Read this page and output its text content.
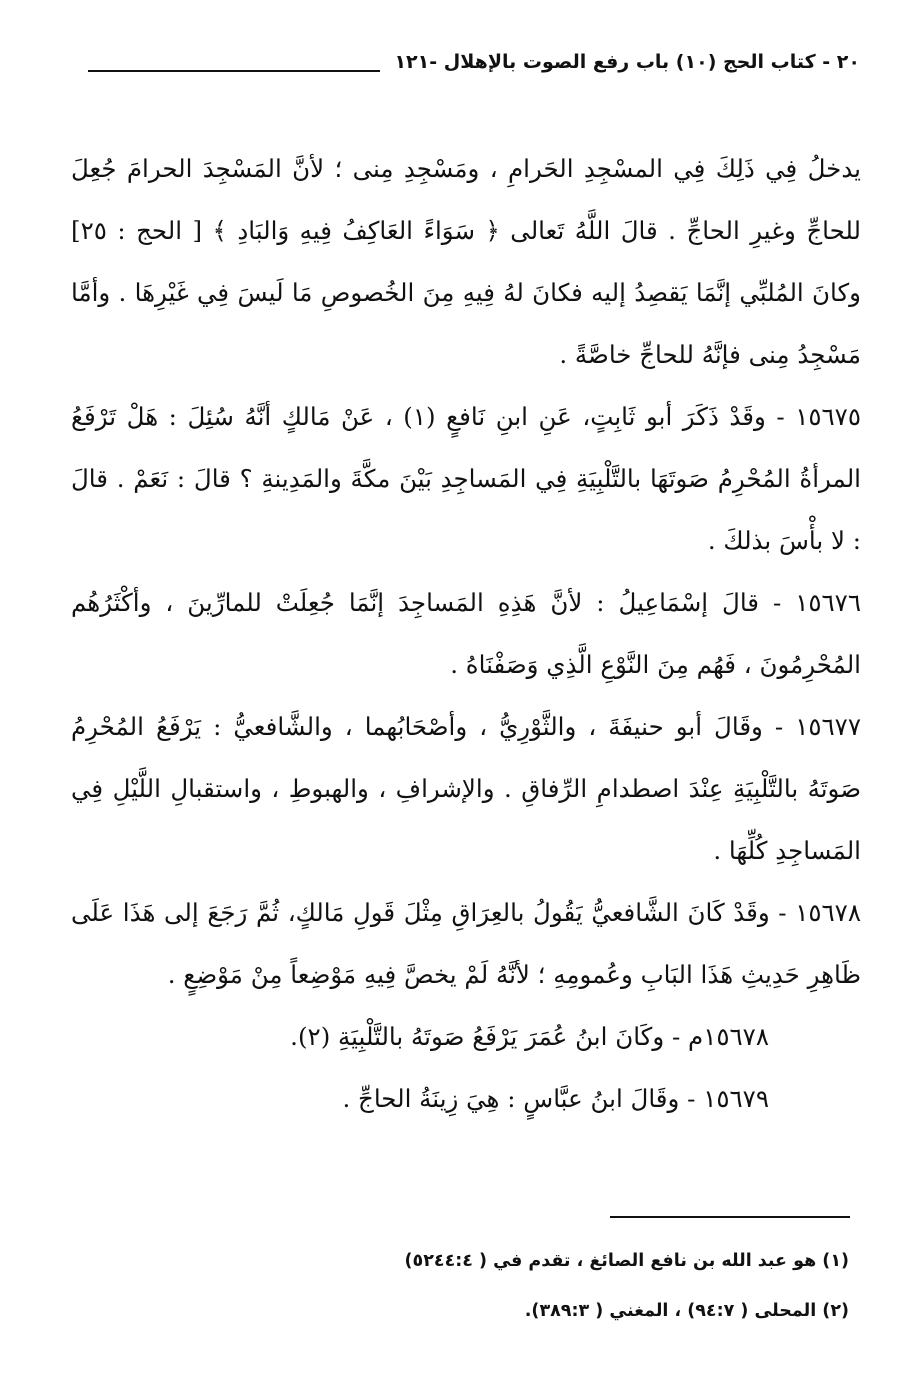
٢٠ - كتاب الحج (١٠) باب رفع الصوت بالإهلال -١٢١

يدخلُ فِي ذَلِكَ فِي المسْجِدِ الحَرامِ ، ومَسْجِدِ مِنى ؛ لأنَّ المَسْجِدَ الحرامَ جُعِلَ للحاجِّ وغيرِ الحاجِّ . قالَ اللَّهُ تَعالى ﴿ سَوَاءً العَاكِفُ فِيهِ وَالبَادِ ﴾ [ الحج : ٢٥] وكانَ المُلبِّي إنَّمَا يَقصِدُ إليه فكانَ لهُ فِيهِ مِنَ الخُصوصِ مَا لَيسَ فِي غَيْرِهَا . وأمَّا مَسْجِدُ مِنى فإنَّهُ للحاجِّ خاصَّةً .

١٥٦٧٥ - وقَدْ ذَكَرَ أبو ثَابِتٍ، عَنِ ابنِ نَافعٍ (١) ، عَنْ مَالكٍ أنَّهُ سُئِلَ : هَلْ تَرْفَعُ المرأةُ المُحْرِمُ صَوتَهَا بالتَّلْبِيَةِ فِي المَساجِدِ بَيْنَ مكَّةَ والمَدِينةِ ؟ قالَ : نَعَمْ . قالَ : لا بأْسَ بذلكَ .

١٥٦٧٦ - قالَ إسْمَاعِيلُ : لأنَّ هَذِهِ المَساجِدَ إنَّمَا جُعِلَتْ للمارِّينَ ، وأكْثَرُهُم المُحْرِمُونَ ، فَهُم مِنَ النَّوْعِ الَّذِي وَصَفْنَاهُ .

١٥٦٧٧ - وقَالَ أبو حنيفَةَ ، والثَّوْرِيُّ ، وأصْحَابُهما ، والشَّافعيُّ : يَرْفَعُ المُحْرِمُ صَوتَهُ بالتَّلْبِيَةِ عِنْدَ اصطدامِ الرِّفاقِ . والإشرافِ ، والهبوطِ ، واستقبالِ اللَّيْلِ فِي المَساجِدِ كُلِّهَا .

١٥٦٧٨ - وقَدْ كَانَ الشَّافعيُّ يَقُولُ بالعِرَاقِ مِثْلَ قَولِ مَالكٍ، ثُمَّ رَجَعَ إلى هَذَا عَلَى ظَاهِرِ حَدِيثِ هَذَا البَابِ وعُمومِهِ ؛ لأنَّهُ لَمْ يخصَّ فِيهِ مَوْضِعاً مِنْ مَوْضِعٍ .

١٥٦٧٨م - وكَانَ ابنُ عُمَرَ يَرْفَعُ صَوتَهُ بالتَّلْبِيَةِ (٢).

١٥٦٧٩ - وقَالَ ابنُ عبَّاسٍ : هِيَ زِينَةُ الحاجِّ .

(١) هو عبد الله بن نافع الصائغ ، تقدم في ( ٥٢٤٤:٤)

(٢) المحلى ( ٩٤:٧) ، المغني ( ٣٨٩:٣).
